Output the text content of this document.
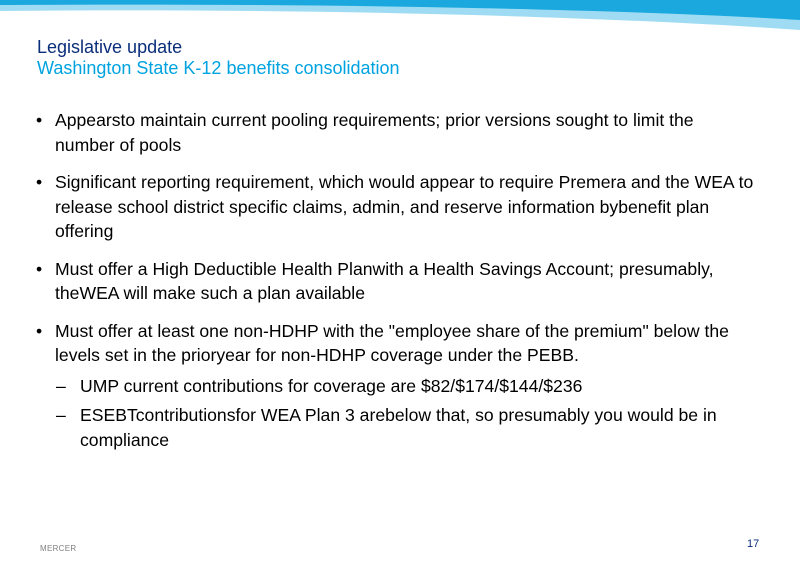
Legislative update
Washington State K-12 benefits consolidation
• Appearsto maintain current pooling requirements; prior versions sought to limit the number of pools
• Significant reporting requirement, which would appear to require Premera and the WEA to release school district specific claims, admin, and reserve information bybenefit plan offering
• Must offer a High Deductible Health Planwith a Health Savings Account; presumably, theWEA will make such a plan available
• Must offer at least one non-HDHP with the "employee share of the premium" below the levels set in the prioryear for non-HDHP coverage under the PEBB.
– UMP current contributions for coverage are $82/$174/$144/$236
– ESEBTcontributionsfor WEA Plan 3 arebelow that, so presumably you would be in compliance
MERCER	17
